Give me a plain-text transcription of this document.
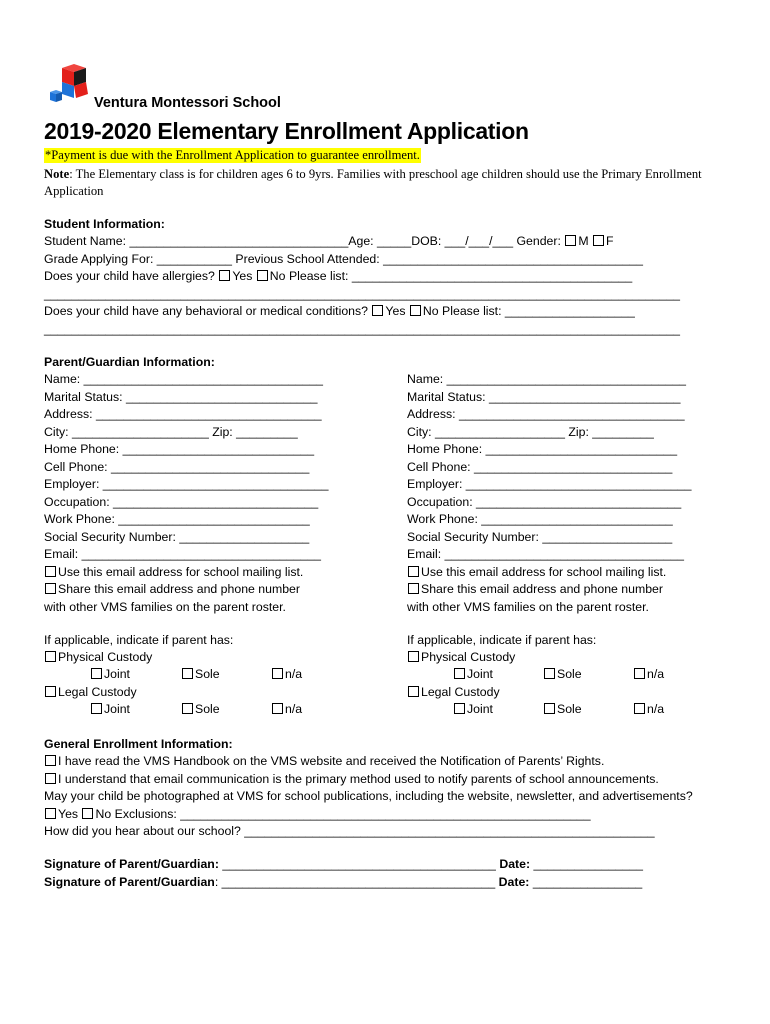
Ventura Montessori School
2019-2020 Elementary Enrollment Application
*Payment is due with the Enrollment Application to guarantee enrollment.
Note: The Elementary class is for children ages 6 to 9yrs. Families with preschool age children should use the Primary Enrollment Application
Student Information:
Student Name: ________________________________Age: _____DOB: ___/___/___ Gender: M F
Grade Applying For: ___________ Previous School Attended: ______________________________________
Does your child have allergies? Yes No Please list: _________________________________________
_____________________________________________________________________________________________
Does your child have any behavioral or medical conditions? Yes No Please list: ___________________
_____________________________________________________________________________________________
Parent/Guardian Information:
Name: ___________________________________
Marital Status: ____________________________
Address: _________________________________
City: ____________________ Zip: _________
Home Phone: ____________________________
Cell Phone: _____________________________
Employer: _________________________________
Occupation: ______________________________
Work Phone: ____________________________
Social Security Number: ___________________
Email: ___________________________________
Use this email address for school mailing list.
Share this email address and phone number
with other VMS families on the parent roster.
If applicable, indicate if parent has:
Physical Custody
Joint	Sole	n/a
Legal Custody
Joint	Sole	n/a
Name: ___________________________________
Marital Status: ____________________________
Address: _________________________________
City: ___________________ Zip: _________
Home Phone: ____________________________
Cell Phone: _____________________________
Employer: _________________________________
Occupation: ______________________________
Work Phone: ____________________________
Social Security Number: ___________________
Email: ___________________________________
Use this email address for school mailing list.
Share this email address and phone number
with other VMS families on the parent roster.
If applicable, indicate if parent has:
Physical Custody
Joint	Sole	n/a
Legal Custody
Joint	Sole	n/a
General Enrollment Information:
I have read the VMS Handbook on the VMS website and received the Notification of Parents’ Rights.
I understand that email communication is the primary method used to notify parents of school announcements.
May your child be photographed at VMS for school publications, including the website, newsletter, and advertisements?
Yes No Exclusions: ____________________________________________________________
How did you hear about our school? ____________________________________________________________
Signature of Parent/Guardian: ________________________________________ Date: ________________
Signature of Parent/Guardian: ________________________________________ Date: ________________
